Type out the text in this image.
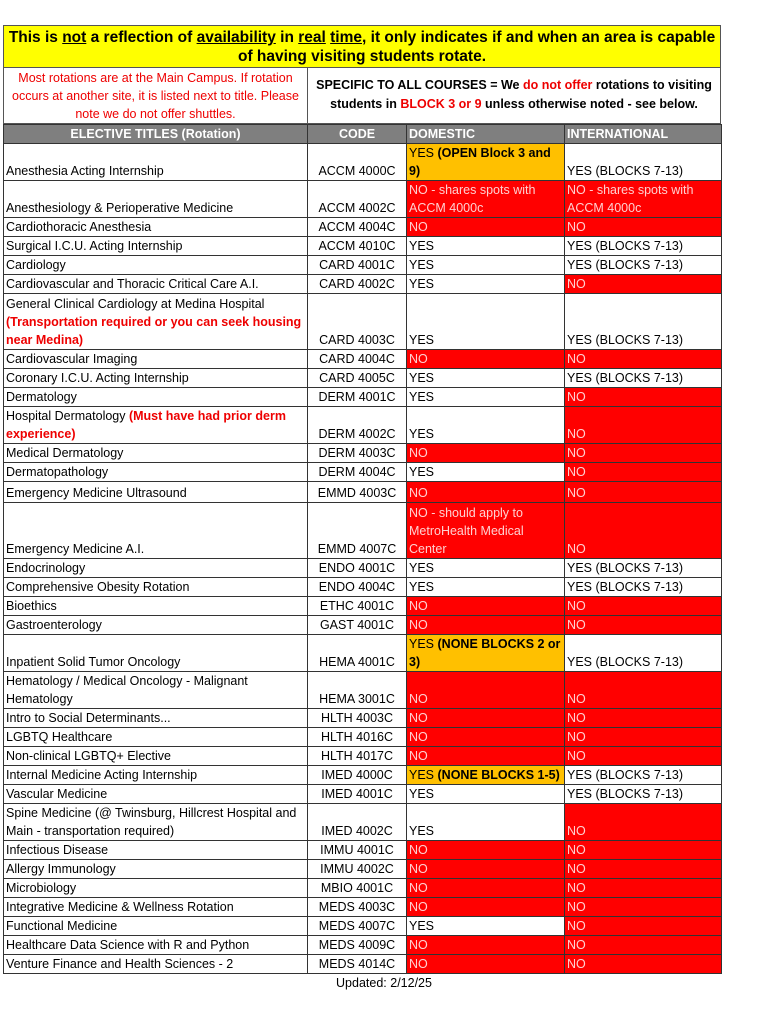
This is not a reflection of availability in real time, it only indicates if and when an area is capable of having visiting students rotate.
Most rotations are at the Main Campus. If rotation occurs at another site, it is listed next to title. Please note we do not offer shuttles.
SPECIFIC TO ALL COURSES = We do not offer rotations to visiting students in BLOCK 3 or 9 unless otherwise noted - see below.
ELECTIVE TITLES (Rotation)	CODE	DOMESTIC	INTERNATIONAL
Anesthesia Acting Internship	ACCM 4000C	YES (OPEN Block 3 and 9)	YES (BLOCKS 7-13)
Anesthesiology & Perioperative Medicine	ACCM 4002C	NO - shares spots with ACCM 4000c	NO - shares spots with ACCM 4000c
Cardiothoracic Anesthesia	ACCM 4004C	NO	NO
Surgical I.C.U. Acting Internship	ACCM 4010C	YES	YES (BLOCKS 7-13)
Cardiology	CARD 4001C	YES	YES (BLOCKS 7-13)
Cardiovascular and Thoracic Critical Care A.I.	CARD 4002C	YES	NO
General Clinical Cardiology at Medina Hospital (Transportation required or you can seek housing near Medina)	CARD 4003C	YES	YES (BLOCKS 7-13)
Cardiovascular Imaging	CARD 4004C	NO	NO
Coronary I.C.U. Acting Internship	CARD 4005C	YES	YES (BLOCKS 7-13)
Dermatology	DERM 4001C	YES	NO
Hospital Dermatology (Must have had prior derm experience)	DERM 4002C	YES	NO
Medical Dermatology	DERM 4003C	NO	NO
Dermatopathology	DERM 4004C	YES	NO
Emergency Medicine Ultrasound	EMMD 4003C	NO	NO
Emergency Medicine A.I.	EMMD 4007C	NO - should apply to MetroHealth Medical Center	NO
Endocrinology	ENDO 4001C	YES	YES (BLOCKS 7-13)
Comprehensive Obesity Rotation	ENDO 4004C	YES	YES (BLOCKS 7-13)
Bioethics	ETHC 4001C	NO	NO
Gastroenterology	GAST 4001C	NO	NO
Inpatient Solid Tumor Oncology	HEMA 4001C	YES (NONE BLOCKS 2 or 3)	YES (BLOCKS 7-13)
Hematology / Medical Oncology - Malignant Hematology	HEMA 3001C	NO	NO
Intro to Social Determinants...	HLTH 4003C	NO	NO
LGBTQ Healthcare	HLTH 4016C	NO	NO
Non-clinical LGBTQ+ Elective	HLTH 4017C	NO	NO
Internal Medicine Acting Internship	IMED 4000C	YES (NONE BLOCKS 1-5)	YES (BLOCKS 7-13)
Vascular Medicine	IMED 4001C	YES	YES (BLOCKS 7-13)
Spine Medicine (@ Twinsburg, Hillcrest Hospital and Main - transportation required)	IMED 4002C	YES	NO
Infectious Disease	IMMU 4001C	NO	NO
Allergy Immunology	IMMU 4002C	NO	NO
Microbiology	MBIO 4001C	NO	NO
Integrative Medicine & Wellness Rotation	MEDS 4003C	NO	NO
Functional Medicine	MEDS 4007C	YES	NO
Healthcare Data Science with R and Python	MEDS 4009C	NO	NO
Venture Finance and Health Sciences - 2	MEDS 4014C	NO	NO
Updated: 2/12/25
